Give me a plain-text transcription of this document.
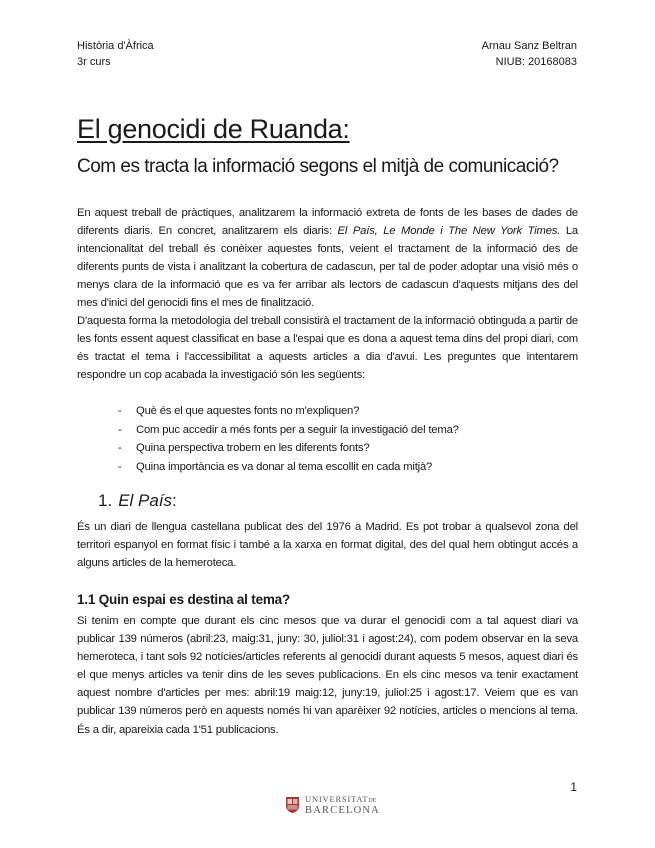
Història d'Àfrica
3r curs
Arnau Sanz Beltran
NIUB: 20168083
El genocidi de Ruanda:
Com es tracta la informació segons el mitjà de comunicació?

En aquest treball de pràctiques, analitzarem la informació extreta de fonts de les bases de dades de diferents diaris. En concret, analitzarem els diaris: El País, Le Monde i The New York Times. La intencionalitat del treball és conèixer aquestes fonts, veient el tractament de la informació des de diferents punts de vista i analitzant la cobertura de cadascun, per tal de poder adoptar una visió més o menys clara de la informació que es va fer arribar als lectors de cadascun d'aquests mitjans des del mes d'inici del genocidi fins el mes de finalització.

D'aquesta forma la metodologia del treball consistirà el tractament de la informació obtinguda a partir de les fonts essent aquest classificat en base a l'espai que es dona a aquest tema dins del propi diari, com és tractat el tema i l'accessibilitat a aquests articles a dia d'avui. Les preguntes que intentarem respondre un cop acabada la investigació són les següents:

- Què és el que aquestes fonts no m'expliquen?
- Com puc accedir a més fonts per a seguir la investigació del tema?
- Quina perspectiva trobem en les diferents fonts?
- Quina importància es va donar al tema escollit en cada mitjà?
1. El País:

És un diari de llengua castellana publicat des del 1976 a Madrid. Es pot trobar a qualsevol zona del territori espanyol en format físic i també a la xarxa en format digital, des del qual hem obtingut accés a alguns articles de la hemeroteca.

1.1 Quin espai es destina al tema?

Si tenim en compte que durant els cinc mesos que va durar el genocidi com a tal aquest diari va publicar 139 números (abril:23, maig:31, juny: 30, juliol:31 i agost:24), com podem observar en la seva hemeroteca, i tant sols 92 notícies/articles referents al genocidi durant aquests 5 mesos, aquest diari és el que menys articles va tenir dins de les seves publicacions. En els cinc mesos va tenir exactament aquest nombre d'articles per mes: abril:19 maig:12, juny:19, juliol:25 i agost:17. Veiem que es van publicar 139 números però en aquests només hi van aparèixer 92 notícies, articles o mencions al tema. És a dir, apareixia cada 1'51 publicacions.

1
UNIVERSITATDE
BARCELONA
